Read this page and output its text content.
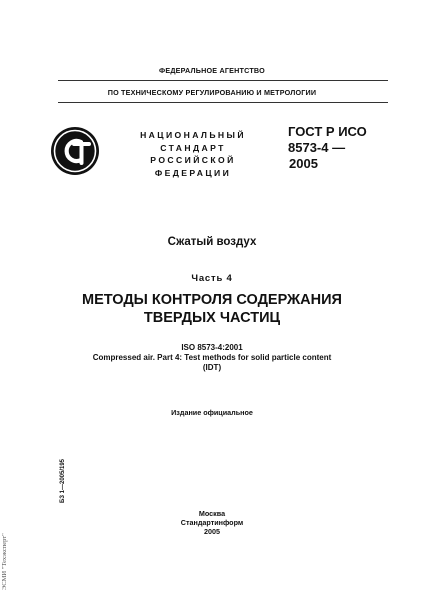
ФЕДЕРАЛЬНОЕ АГЕНТСТВО
ПО ТЕХНИЧЕСКОМУ РЕГУЛИРОВАНИЮ И МЕТРОЛОГИИ
НАЦИОНАЛЬНЫЙ
СТАНДАРТ
РОССИЙСКОЙ
ФЕДЕРАЦИИ
ГОСТ Р ИСО
8573-4 —
2005
Сжатый воздух
Часть 4
МЕТОДЫ КОНТРОЛЯ СОДЕРЖАНИЯ
ТВЕРДЫХ ЧАСТИЦ
ISO 8573-4:2001
Compressed air. Part 4: Test methods for solid particle content
(IDT)
Издание официальное
Москва
Стандартинформ
2005
БЗ 1—2005/195
ЭСМИ "Техэксперт"
